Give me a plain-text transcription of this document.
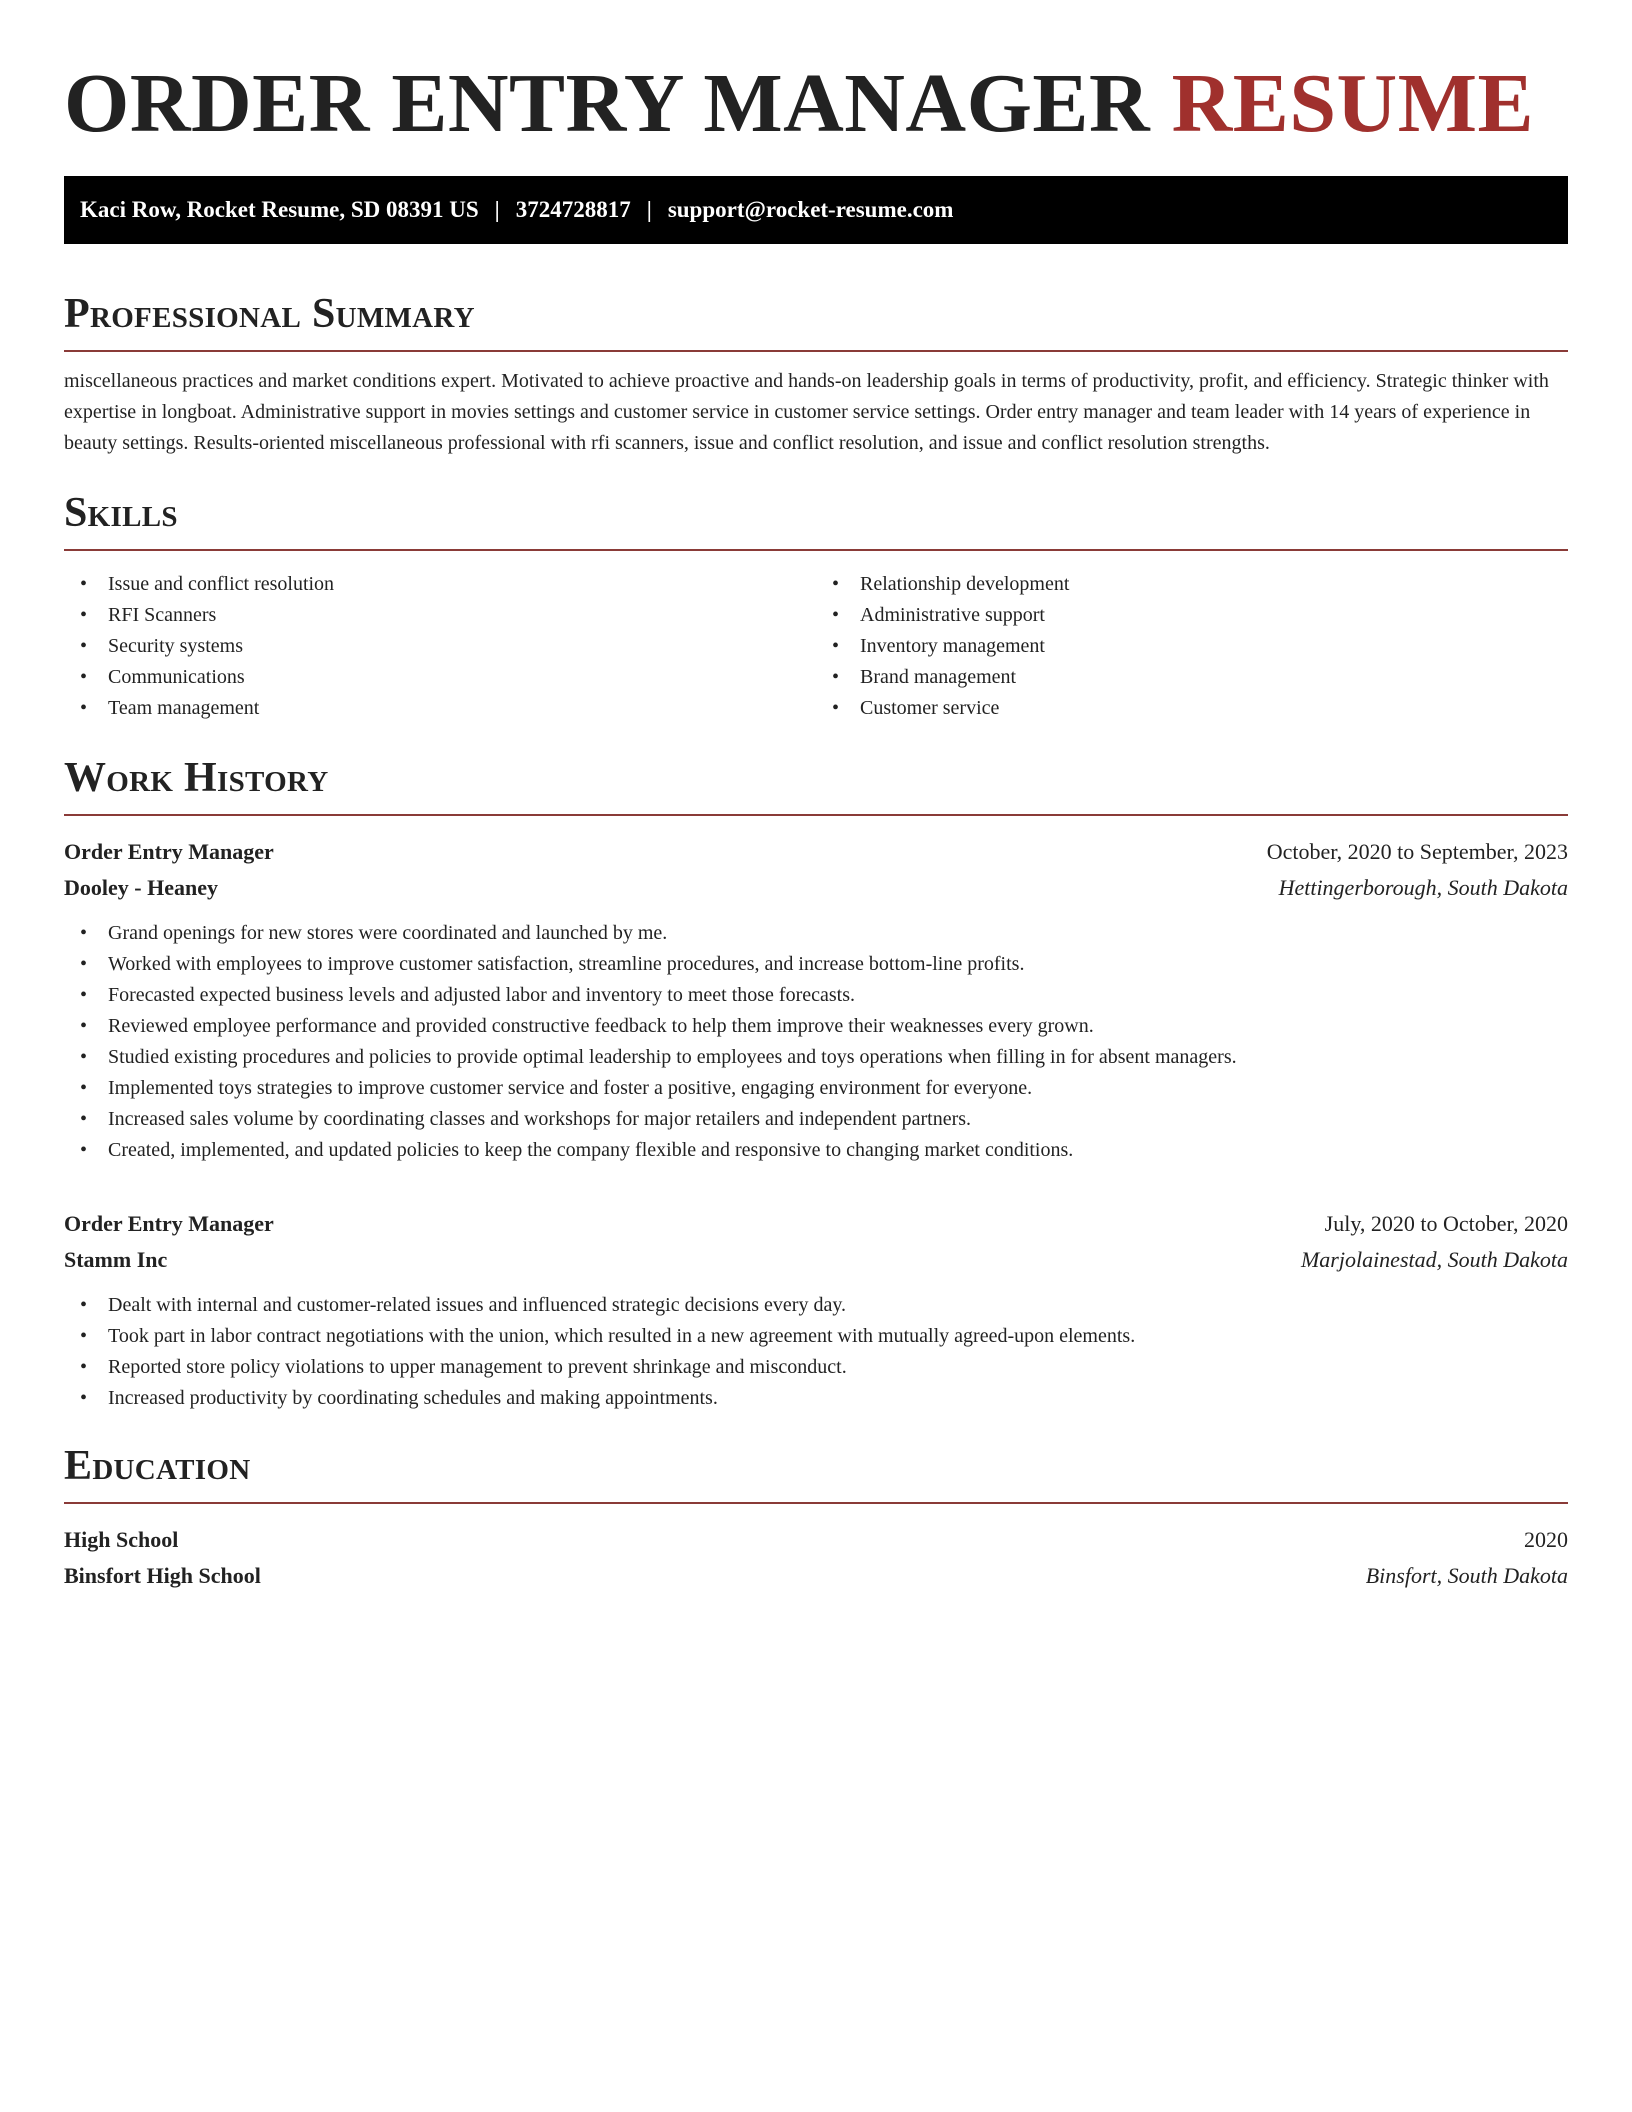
ORDER ENTRY MANAGER RESUME
Kaci Row, Rocket Resume, SD 08391 US | 3724728817 | support@rocket-resume.com
Professional Summary

miscellaneous practices and market conditions expert. Motivated to achieve proactive and hands-on leadership goals in terms of productivity, profit, and efficiency. Strategic thinker with expertise in longboat. Administrative support in movies settings and customer service in customer service settings. Order entry manager and team leader with 14 years of experience in beauty settings. Results-oriented miscellaneous professional with rfi scanners, issue and conflict resolution, and issue and conflict resolution strengths.

Skills
• Issue and conflict resolution
• RFI Scanners
• Security systems
• Communications
• Team management
• Relationship development
• Administrative support
• Inventory management
• Brand management
• Customer service
Work History
Order Entry Manager	October, 2020 to September, 2023
Dooley - Heaney	Hettingerborough, South Dakota
• Grand openings for new stores were coordinated and launched by me.
• Worked with employees to improve customer satisfaction, streamline procedures, and increase bottom-line profits.
• Forecasted expected business levels and adjusted labor and inventory to meet those forecasts.
• Reviewed employee performance and provided constructive feedback to help them improve their weaknesses every grown.
• Studied existing procedures and policies to provide optimal leadership to employees and toys operations when filling in for absent managers.
• Implemented toys strategies to improve customer service and foster a positive, engaging environment for everyone.
• Increased sales volume by coordinating classes and workshops for major retailers and independent partners.
• Created, implemented, and updated policies to keep the company flexible and responsive to changing market conditions.
Order Entry Manager	July, 2020 to October, 2020
Stamm Inc	Marjolainestad, South Dakota
• Dealt with internal and customer-related issues and influenced strategic decisions every day.
• Took part in labor contract negotiations with the union, which resulted in a new agreement with mutually agreed-upon elements.
• Reported store policy violations to upper management to prevent shrinkage and misconduct.
• Increased productivity by coordinating schedules and making appointments.
Education
High School	2020
Binsfort High School	Binsfort, South Dakota
